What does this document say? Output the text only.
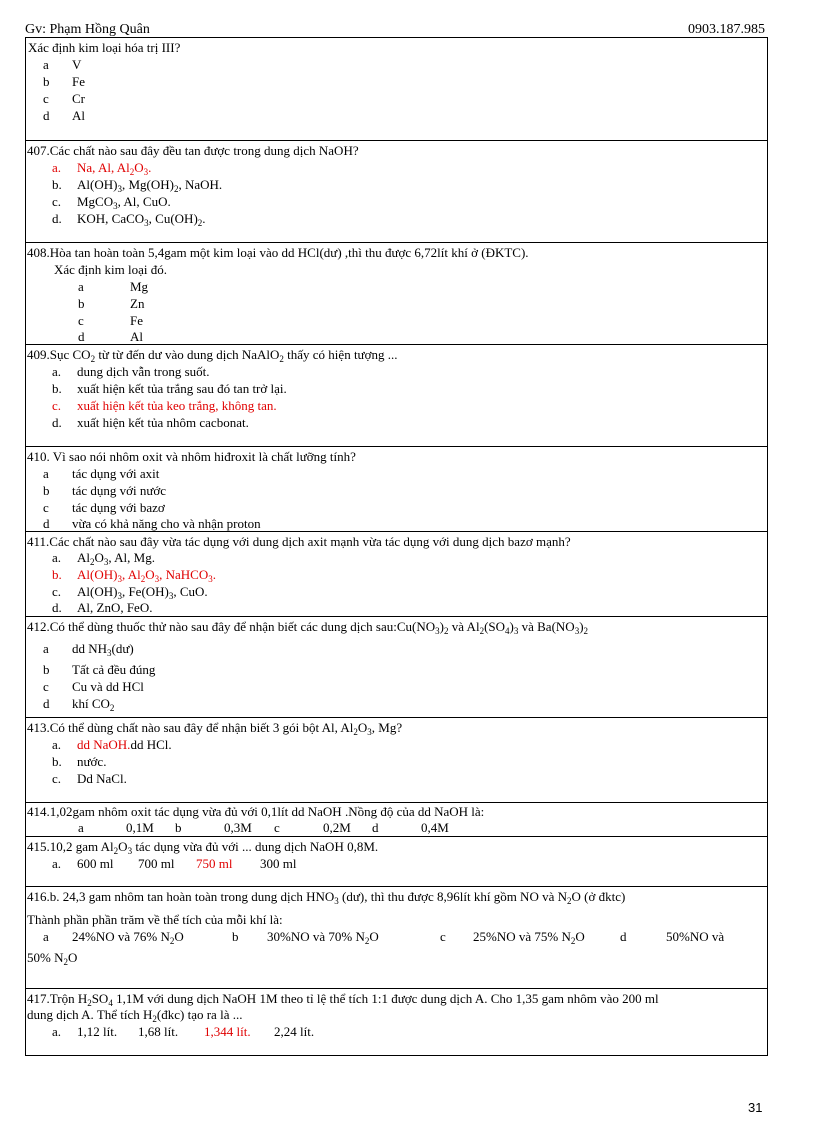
Gv: Phạm Hồng Quân	0903.187.985
Xác định kim loại hóa trị III?
a V
b Fe
c Cr
d Al
407.Các chất nào sau đây đều tan được trong dung dịch NaOH?
a. Na, Al, $Al_2O_3$.
b. $Al(OH)_3$, $Mg(OH)_2$, NaOH.
c. MgCO$_3$, Al, CuO.
d. KOH, CaCO$_3$, $Cu(OH)_2$.
408.Hòa tan hoàn toàn 5,4gam một kim loại vào dd HCl(dư) ,thì thu được 6,72lít khí ở (ĐKTC).
Xác định kim loại đó.
a	Mg
b	Zn
c	Fe
d	Al
409.Sục $CO_2$ từ từ đến dư vào dung dịch NaAlO$_2$ thấy có hiện tượng ...
a. dung dịch vẫn trong suốt.
b. xuất hiện kết tủa trắng sau đó tan trở lại.
c. xuất hiện kết tủa keo trắng, không tan.
d. xuất hiện kết tủa nhôm cacbonat.
410. Vì sao nói nhôm oxit và nhôm hiđroxit là chất lưỡng tính?
a tác dụng với axit
b tác dụng với nước
c tác dụng với bazơ
d vừa có khả năng cho và nhận proton
411.Các chất nào sau đây vừa tác dụng với dung dịch axit mạnh vừa tác dụng với dung dịch bazơ mạnh?
a. $Al_2O_3$, Al, Mg.
b. $Al(OH)_3$, $Al_2O_3$, NaHCO$_3$.
c. $Al(OH)_3$, $Fe(OH)_3$, CuO.
d. Al, ZnO, FeO.
412.Có thể dùng thuốc thử nào sau đây để nhận biết các dung dịch $sau:Cu(NO_3)_2$ và $Al_2(SO_4)_3$ và $Ba(NO_3)_2$
a dd $NH_3(dư)$
b Tất cả đều đúng
c Cu và dd HCl
d khí $CO_2$
413.Có thể dùng chất nào sau đây để nhận biết 3 gói bột Al, $Al_2O_3$, Mg?
a. dd NaOH.dd HCl.
b. nước.
c. Dd NaCl.
414.1,02gam nhôm oxit tác dụng vừa đủ với 0,1lít dd NaOH .Nồng độ của dd NaOH là:
a	0,1M b	0,3M c	0,2M d	0,4M
415.10,2 gam $Al_2O_3$ tác dụng vừa đủ với ... dung dịch NaOH 0,8M.
a. 600 ml 700 ml 750 ml 300 ml
416.b. 24,3 gam nhôm tan hoàn toàn trong dung dịch $HNO_3$ (dư), thì thu được 8,96lít khí gồm NO và $N_2O$ (ở đktc)
Thành phần phần trăm về thể tích của mỗi khí là:
a 24%NO và 76% $N_2O$	b 30%NO và 70% $N_2O$	c 25%NO và 75% $N_2O$	d	50%NO và
50% $N_2O$
417.Trộn $H_2SO_4$ 1,1M với dung dịch NaOH 1M theo tỉ lệ thể tích 1:1 được dung dịch A. Cho 1,35 gam nhôm vào 200 ml
dung dịch A. Thể tích $H_2(đkc)$ tạo ra là ...
a. 1,12 lít. 1,68 lít. 1,344 lít. 2,24 lít.
31
